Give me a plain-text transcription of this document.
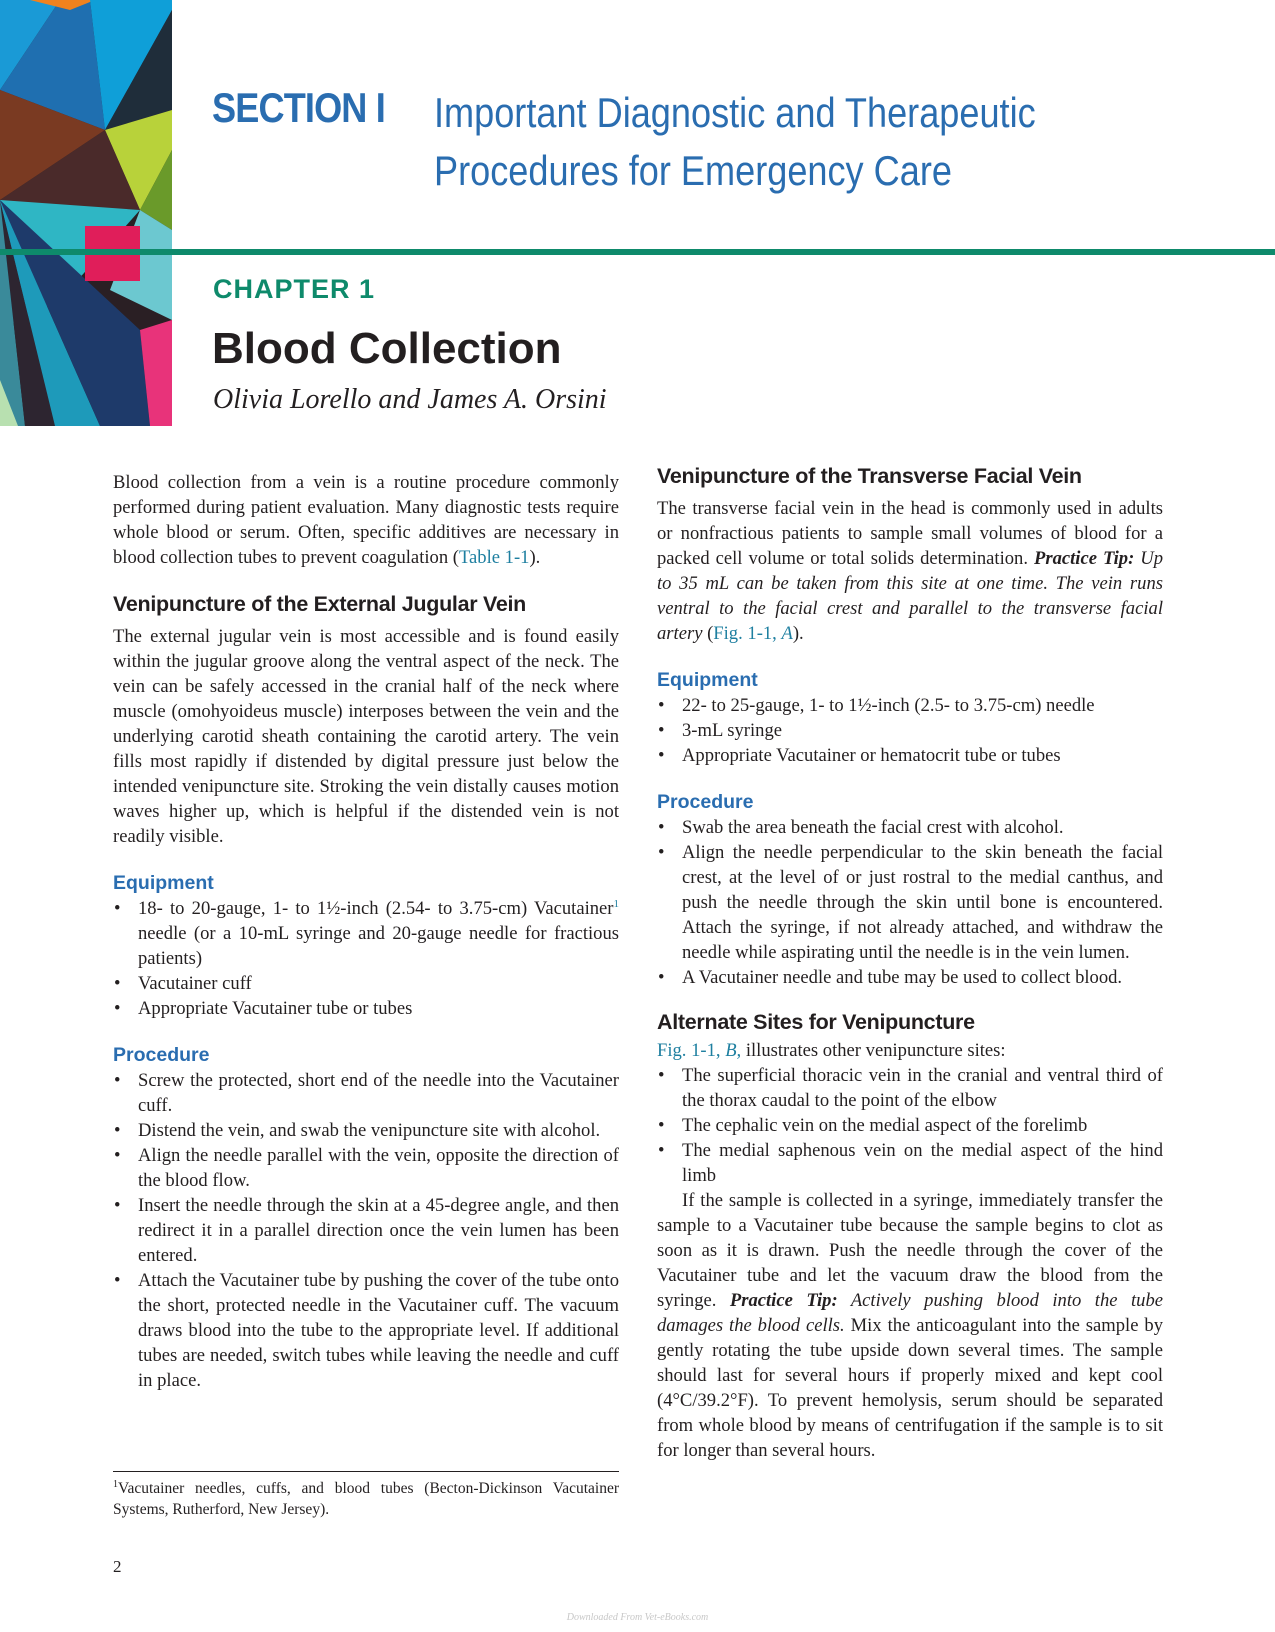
SECTION I Important Diagnostic and Therapeutic
Procedures for Emergency Care
CHAPTER 1
Blood Collection
Olivia Lorello and James A. Orsini

Blood collection from a vein is a routine procedure commonly performed during patient evaluation. Many diagnostic tests require whole blood or serum. Often, specific additives are necessary in blood collection tubes to prevent coagulation (Table 1-1).

Venipuncture of the External Jugular Vein

The external jugular vein is most accessible and is found easily within the jugular groove along the ventral aspect of the neck. The vein can be safely accessed in the cranial half of the neck where muscle (omohyoideus muscle) interposes between the vein and the underlying carotid sheath containing the carotid artery. The vein fills most rapidly if distended by digital pressure just below the intended venipuncture site. Stroking the vein distally causes motion waves higher up, which is helpful if the distended vein is not readily visible.

Equipment
• 18- to 20-gauge, 1- to 1½-inch (2.54- to 3.75-cm) Vacutainer$^1$ needle (or a 10-mL syringe and 20-gauge needle for fractious patients)
• Vacutainer cuff
• Appropriate Vacutainer tube or tubes
Procedure
• Screw the protected, short end of the needle into the Vacutainer cuff.
• Distend the vein, and swab the venipuncture site with alcohol.
• Align the needle parallel with the vein, opposite the direction of the blood flow.
• Insert the needle through the skin at a 45-degree angle, and then redirect it in a parallel direction once the vein lumen has been entered.
• Attach the Vacutainer tube by pushing the cover of the tube onto the short, protected needle in the Vacutainer cuff. The vacuum draws blood into the tube to the appropriate level. If additional tubes are needed, switch tubes while leaving the needle and cuff in place.
Venipuncture of the Transverse Facial Vein

The transverse facial vein in the head is commonly used in adults or nonfractious patients to sample small volumes of blood for a packed cell volume or total solids determination. Practice Tip: Up to 35 mL can be taken from this site at one time. The vein runs ventral to the facial crest and parallel to the transverse facial artery (Fig. 1-1, A).

Equipment
• 22- to 25-gauge, 1- to 1½-inch (2.5- to 3.75-cm) needle
• 3-mL syringe
• Appropriate Vacutainer or hematocrit tube or tubes
Procedure
• Swab the area beneath the facial crest with alcohol.
• Align the needle perpendicular to the skin beneath the facial crest, at the level of or just rostral to the medial canthus, and push the needle through the skin until bone is encountered. Attach the syringe, if not already attached, and withdraw the needle while aspirating until the needle is in the vein lumen.
• A Vacutainer needle and tube may be used to collect blood.
Alternate Sites for Venipuncture

Fig. 1-1, B, illustrates other venipuncture sites:

• The superficial thoracic vein in the cranial and ventral third of the thorax caudal to the point of the elbow
• The cephalic vein on the medial aspect of the forelimb
• The medial saphenous vein on the medial aspect of the hind limb

If the sample is collected in a syringe, immediately transfer the sample to a Vacutainer tube because the sample begins to clot as soon as it is drawn. Push the needle through the cover of the Vacutainer tube and let the vacuum draw the blood from the syringe. Practice Tip: Actively pushing blood into the tube damages the blood cells. Mix the anticoagulant into the sample by gently rotating the tube upside down several times. The sample should last for several hours if properly mixed and kept cool (4°C/39.2°F). To prevent hemolysis, serum should be separated from whole blood by means of centrifugation if the sample is to sit for longer than several hours.

$^1$Vacutainer needles, cuffs, and blood tubes (Becton-Dickinson Vacutainer Systems, Rutherford, New Jersey).
2
Downloaded From Vet-eBooks.com
